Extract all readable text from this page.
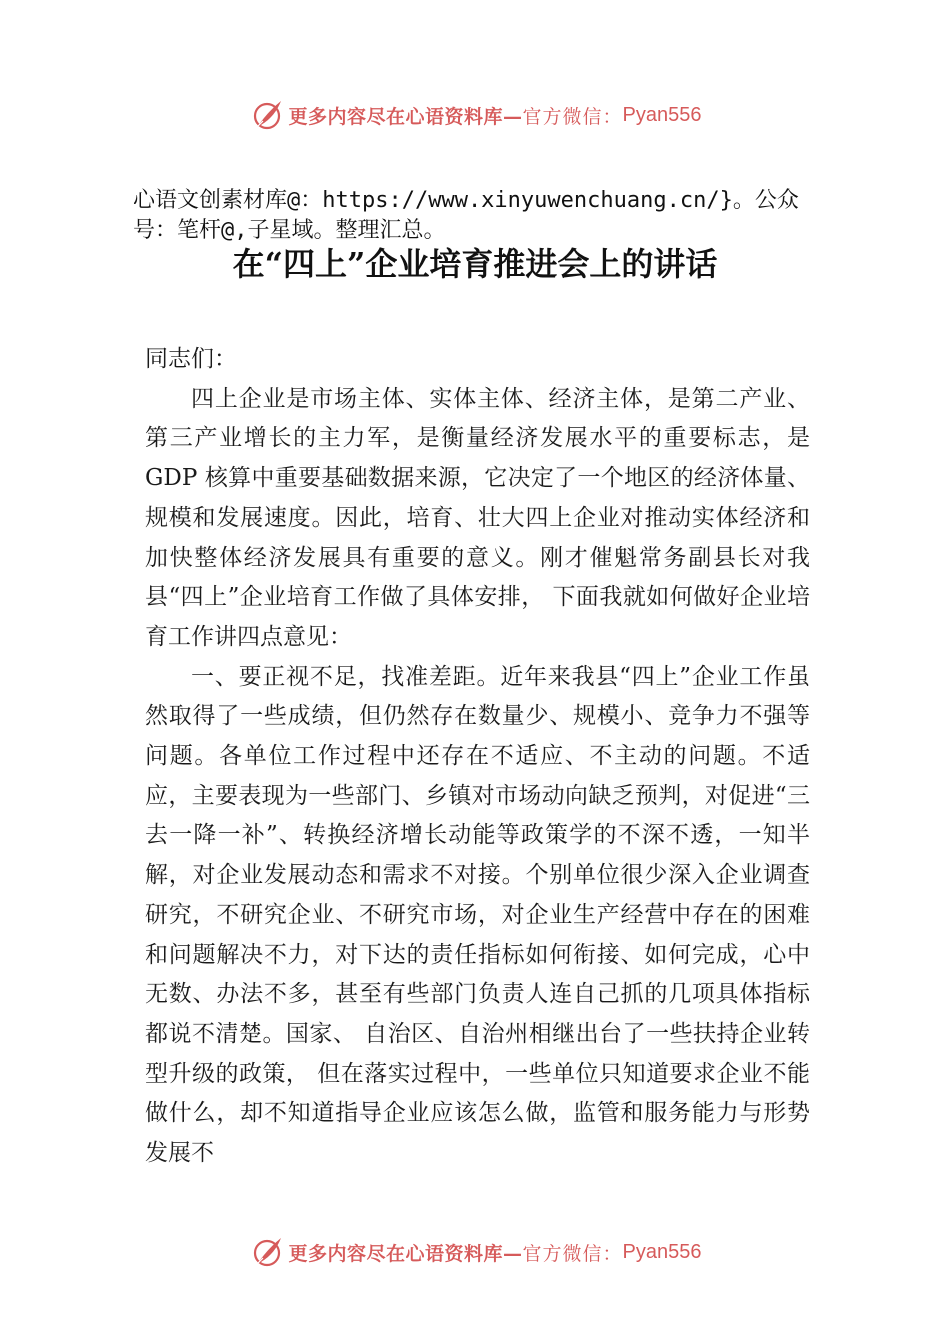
更多内容尽在心语资料库— 官方微信： Pyan556
心语文创素材库@：https://www.xinyuwenchuang.cn/}。公众号：笔杆@,子星域。整理汇总。
在“四上”企业培育推进会上的讲话

同志们：

四上企业是市场主体、实体主体、经济主体，是第二产业、第三产业增长的主力军，是衡量经济发展水平的重要标志，是 GDP 核算中重要基础数据来源，它决定了一个地区的经济体量、规模和发展速度。因此，培育、壮大四上企业对推动实体经济和加快整体经济发展具有重要的意义。刚才催魁常务副县长对我县“四上”企业培育工作做了具体安排， 下面我就如何做好企业培育工作讲四点意见：

一、要正视不足，找准差距。近年来我县“四上”企业工作虽然取得了一些成绩，但仍然存在数量少、规模小、竞争力不强等问题。各单位工作过程中还存在不适应、不主动的问题。不适应，主要表现为一些部门、乡镇对市场动向缺乏预判，对促进“三去一降一补”、转换经济增长动能等政策学的不深不透，一知半解，对企业发展动态和需求不对接。个别单位很少深入企业调查研究，不研究企业、不研究市场，对企业生产经营中存在的困难和问题解决不力，对下达的责任指标如何衔接、如何完成，心中无数、办法不多，甚至有些部门负责人连自己抓的几项具体指标都说不清楚。国家、 自治区、自治州相继出台了一些扶持企业转型升级的政策， 但在落实过程中，一些单位只知道要求企业不能做什么，却不知道指导企业应该怎么做，监管和服务能力与形势发展不

更多内容尽在心语资料库— 官方微信： Pyan556
